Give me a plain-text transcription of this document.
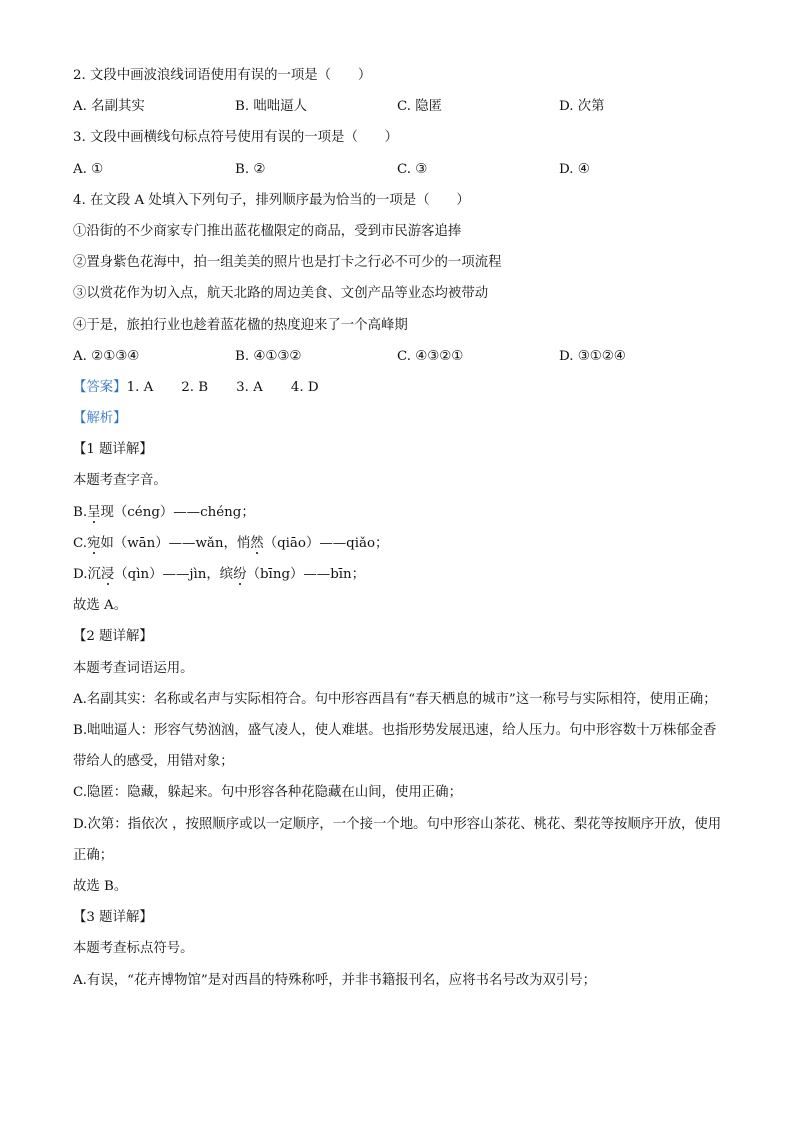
2. 文段中画波浪线词语使用有误的一项是（　　）
A. 名副其实	B. 咄咄逼人	C. 隐匿	D. 次第
3. 文段中画横线句标点符号使用有误的一项是（　　）
A. ①	B. ②	C. ③	D. ④
4. 在文段 A 处填入下列句子，排列顺序最为恰当的一项是（　　）
①沿街的不少商家专门推出蓝花楹限定的商品，受到市民游客追捧
②置身紫色花海中，拍一组美美的照片也是打卡之行必不可少的一项流程
③以赏花作为切入点，航天北路的周边美食、文创产品等业态均被带动
④于是，旅拍行业也趁着蓝花楹的热度迎来了一个高峰期
A. ②①③④	B. ④①③②	C. ④③②①	D. ③①②④
【答案】1. A 2. B 3. A 4. D
【解析】
【1 题详解】
本题考查字音。
B.呈现（céng）——chéng；
C.宛如（wān）——wǎn，悄然（qiāo）——qiǎo；
D.沉浸（qìn）——jìn，缤纷（bīng）——bīn；
故选 A。
【2 题详解】
本题考查词语运用。
A.名副其实：名称或名声与实际相符合。句中形容西昌有“春天栖息的城市”这一称号与实际相符，使用正确；
B.咄咄逼人：形容气势汹汹，盛气凌人，使人难堪。也指形势发展迅速，给人压力。句中形容数十万株郁金香带给人的感受，用错对象；
C.隐匿：隐藏，躲起来。句中形容各种花隐藏在山间，使用正确；
D.次第：指依次 ，按照顺序或以一定顺序，一个接一个地。句中形容山茶花、桃花、梨花等按顺序开放，使用正确；
故选 B。
【3 题详解】
本题考查标点符号。
A.有误，“花卉博物馆”是对西昌的特殊称呼，并非书籍报刊名，应将书名号改为双引号；
